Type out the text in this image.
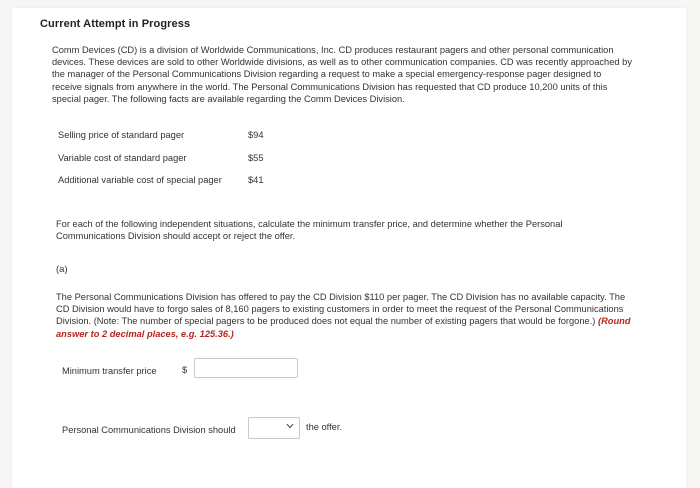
Current Attempt in Progress
Comm Devices (CD) is a division of Worldwide Communications, Inc. CD produces restaurant pagers and other personal communication devices. These devices are sold to other Worldwide divisions, as well as to other communication companies. CD was recently approached by the manager of the Personal Communications Division regarding a request to make a special emergency-response pager designed to receive signals from anywhere in the world. The Personal Communications Division has requested that CD produce 10,200 units of this special pager. The following facts are available regarding the Comm Devices Division.
Selling price of standard pager	$94
Variable cost of standard pager	$55
Additional variable cost of special pager	$41
For each of the following independent situations, calculate the minimum transfer price, and determine whether the Personal Communications Division should accept or reject the offer.
(a)
The Personal Communications Division has offered to pay the CD Division $110 per pager. The CD Division has no available capacity. The CD Division would have to forgo sales of 8,160 pagers to existing customers in order to meet the request of the Personal Communications Division. (Note: The number of special pagers to be produced does not equal the number of existing pagers that would be forgone.) (Round answer to 2 decimal places, e.g. 125.36.)
Minimum transfer price	$
Personal Communications Division should	the offer.
